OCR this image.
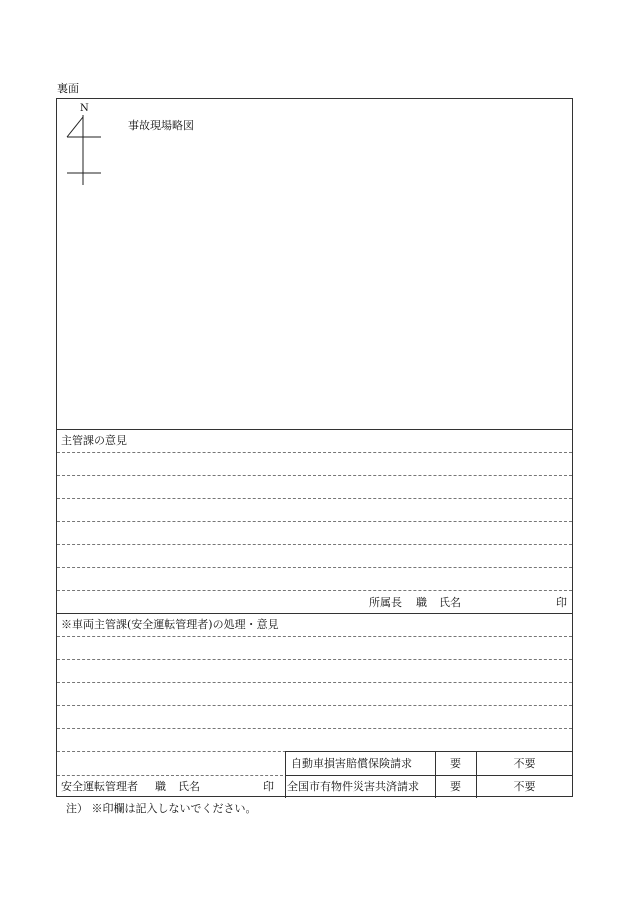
裏面
N
事故現場略図
主管課の意見
所属長 職 氏名	印
※車両主管課(安全運転管理者)の処理・意見
自動車損害賠償保険請求	要	不要
全国市有物件災害共済請求	要	不要
安全運転管理者 職 氏名	印
注） ※印欄は記入しないでください。
